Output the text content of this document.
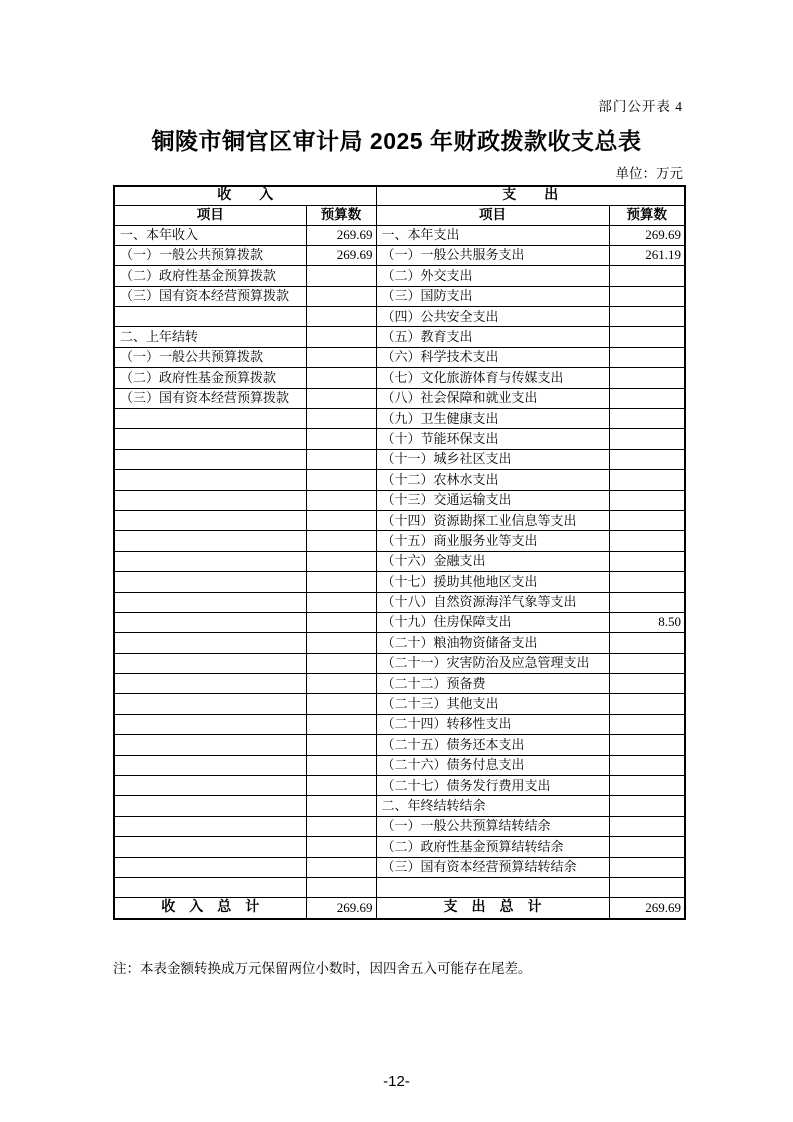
部门公开表 4
铜陵市铜官区审计局 2025 年财政拨款收支总表
单位：万元
收　　入		支　　出	
项目	预算数	项目	预算数
一、本年收入	269.69	一、本年支出	269.69
（一）一般公共预算拨款	269.69	（一）一般公共服务支出	261.19
（二）政府性基金预算拨款		（二）外交支出	
（三）国有资本经营预算拨款		（三）国防支出	
		（四）公共安全支出	
二、上年结转		（五）教育支出	
（一）一般公共预算拨款		（六）科学技术支出	
（二）政府性基金预算拨款		（七）文化旅游体育与传媒支出	
（三）国有资本经营预算拨款		（八）社会保障和就业支出	
		（九）卫生健康支出	
		（十）节能环保支出	
		（十一）城乡社区支出	
		（十二）农林水支出	
		（十三）交通运输支出	
		（十四）资源勘探工业信息等支出	
		（十五）商业服务业等支出	
		（十六）金融支出	
		（十七）援助其他地区支出	
		（十八）自然资源海洋气象等支出	
		（十九）住房保障支出	8.50
		（二十）粮油物资储备支出	
		（二十一）灾害防治及应急管理支出	
		（二十二）预备费	
		（二十三）其他支出	
		（二十四）转移性支出	
		（二十五）债务还本支出	
		（二十六）债务付息支出	
		（二十七）债务发行费用支出	
		二、年终结转结余	
		（一）一般公共预算结转结余	
		（二）政府性基金预算结转结余	
		（三）国有资本经营预算结转结余	

收　入　总　计	269.69	支　出　总　计	269.69
注：本表金额转换成万元保留两位小数时，因四舍五入可能存在尾差。
-12-
